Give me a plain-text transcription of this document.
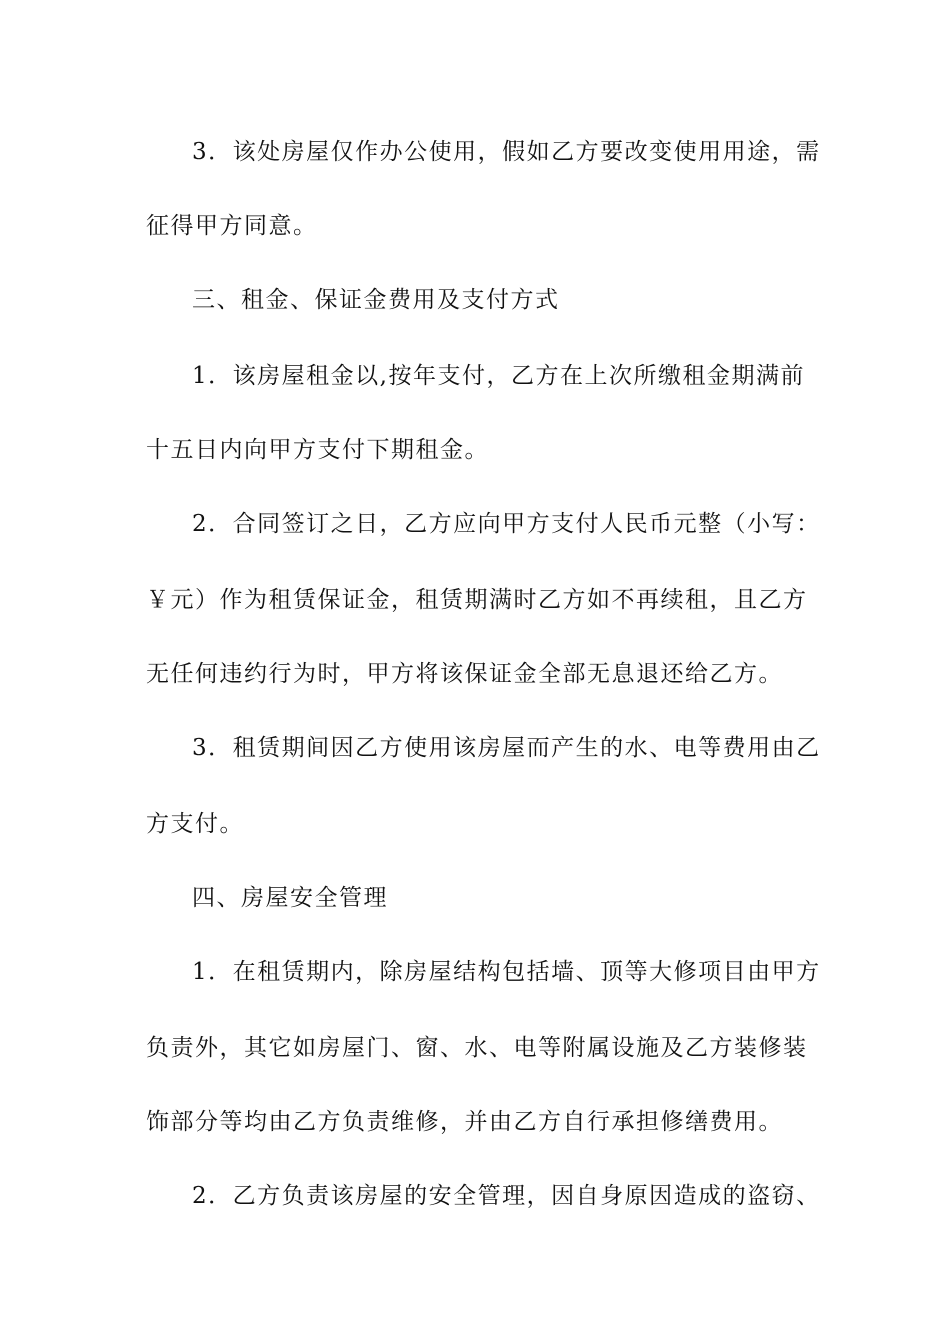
3．该处房屋仅作办公使用，假如乙方要改变使用用途，需
征得甲方同意。
三、租金、保证金费用及支付方式
1．该房屋租金以,按年支付，乙方在上次所缴租金期满前
十五日内向甲方支付下期租金。
2．合同签订之日，乙方应向甲方支付人民币元整（小写：
￥元）作为租赁保证金，租赁期满时乙方如不再续租，且乙方
无任何违约行为时，甲方将该保证金全部无息退还给乙方。
3．租赁期间因乙方使用该房屋而产生的水、电等费用由乙
方支付。
四、房屋安全管理
1．在租赁期内，除房屋结构包括墙、顶等大修项目由甲方
负责外，其它如房屋门、窗、水、电等附属设施及乙方装修装
饰部分等均由乙方负责维修，并由乙方自行承担修缮费用。
2．乙方负责该房屋的安全管理，因自身原因造成的盗窃、
